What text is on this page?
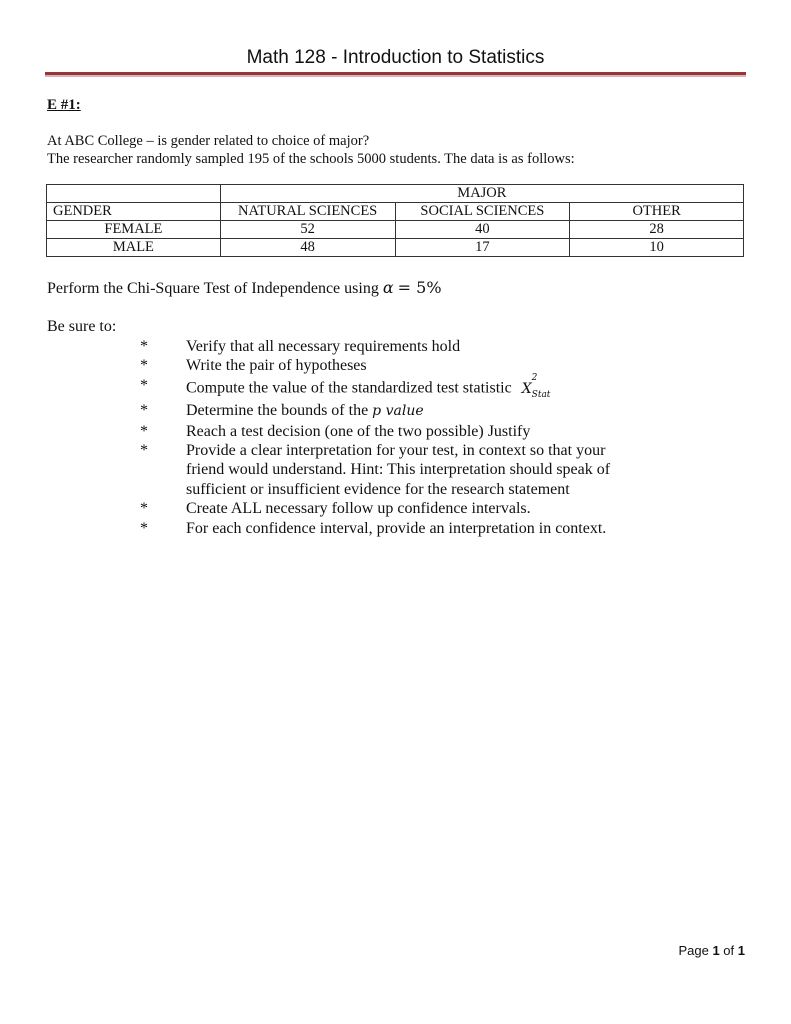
Math 128 - Introduction to Statistics
E #1:
At ABC College – is gender related to choice of major?
The researcher randomly sampled 195 of the schools 5000 students. The data is as follows:
	MAJOR		
GENDER	NATURAL SCIENCES	SOCIAL SCIENCES	OTHER
FEMALE	52	40	28
MALE	48	17	10
Perform the Chi-Square Test of Independence using α = 5%
Be sure to:
* Verify that all necessary requirements hold
* Write the pair of hypotheses
* Compute the value of the standardized test statistic $X^2$
$_{Stat}$
* Determine the bounds of the p value
* Reach a test decision (one of the two possible) Justify
* Provide a clear interpretation for your test, in context so that your
friend would understand. Hint: This interpretation should speak of
sufficient or insufficient evidence for the research statement
* Create ALL necessary follow up confidence intervals.
* For each confidence interval, provide an interpretation in context.
Page 1 of 1
